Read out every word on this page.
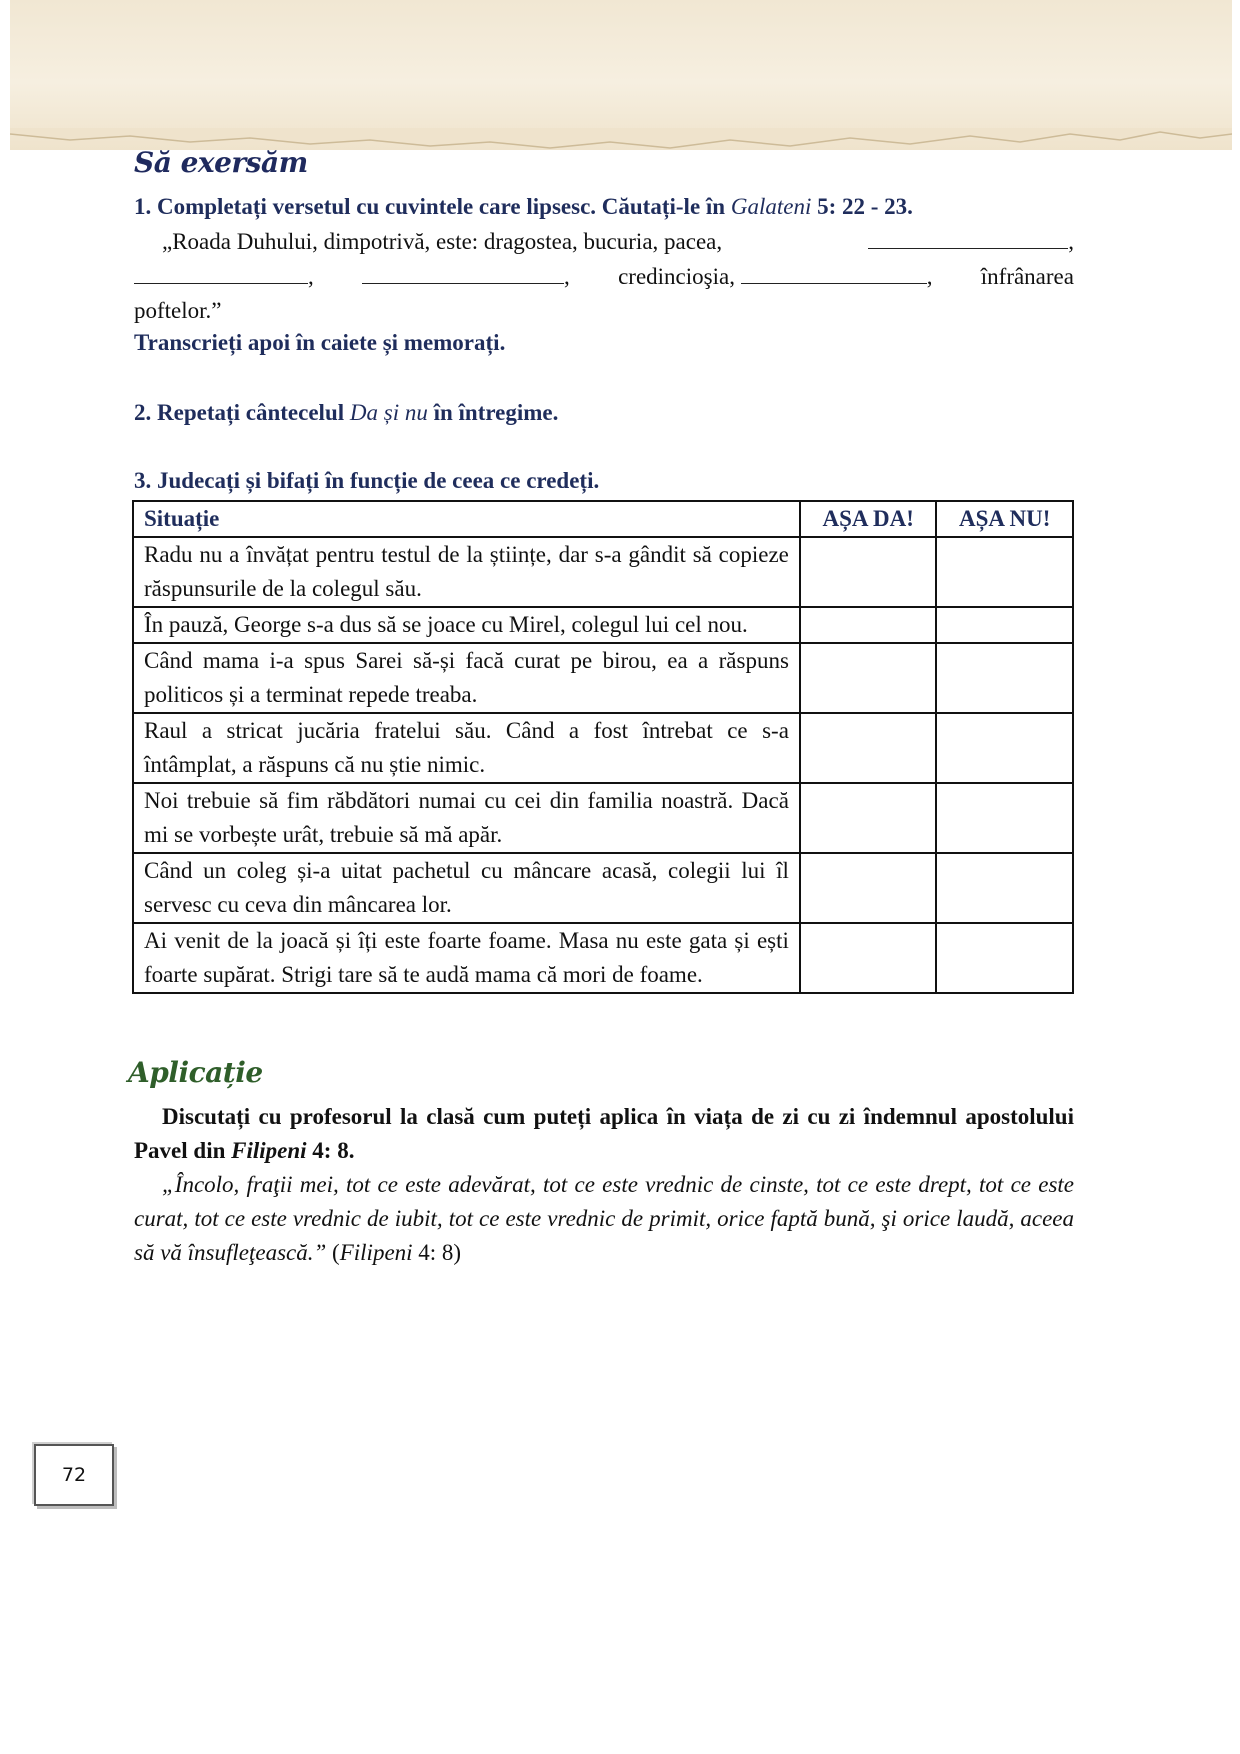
Să exersăm
1. Completați versetul cu cuvintele care lipsesc. Căutați-le în Galateni 5: 22 - 23.
„Roada Duhului, dimpotrivă, este: dragostea, bucuria, pacea,	,
,	, credincioşia,	, înfrânarea
poftelor.”
Transcrieți apoi în caiete și memorați.
2. Repetați cântecelul Da și nu în întregime.
3. Judecați și bifați în funcție de ceea ce credeți.
Situație	AȘA DA!	AȘA NU!
Radu nu a învățat pentru testul de la științe, dar s-a gândit să copieze răspunsurile de la colegul său.		
În pauză, George s-a dus să se joace cu Mirel, colegul lui cel nou.		
Când mama i-a spus Sarei să-și facă curat pe birou, ea a răspuns politicos și a terminat repede treaba.		
Raul a stricat jucăria fratelui său. Când a fost întrebat ce s-a întâmplat, a răspuns că nu știe nimic.		
Noi trebuie să fim răbdători numai cu cei din familia noastră. Dacă mi se vorbește urât, trebuie să mă apăr.		
Când un coleg și-a uitat pachetul cu mâncare acasă, colegii lui îl servesc cu ceva din mâncarea lor.		
Ai venit de la joacă și îți este foarte foame. Masa nu este gata și ești foarte supărat. Strigi tare să te audă mama că mori de foame.		
Aplicație
Discutați cu profesorul la clasă cum puteți aplica în viața de zi cu zi îndemnul apostolului Pavel din Filipeni 4: 8.
„Încolo, fraţii mei, tot ce este adevărat, tot ce este vrednic de cinste, tot ce este drept, tot ce este curat, tot ce este vrednic de iubit, tot ce este vrednic de primit, orice faptă bună, şi orice laudă, aceea să vă însufleţească.” (Filipeni 4: 8)
72
